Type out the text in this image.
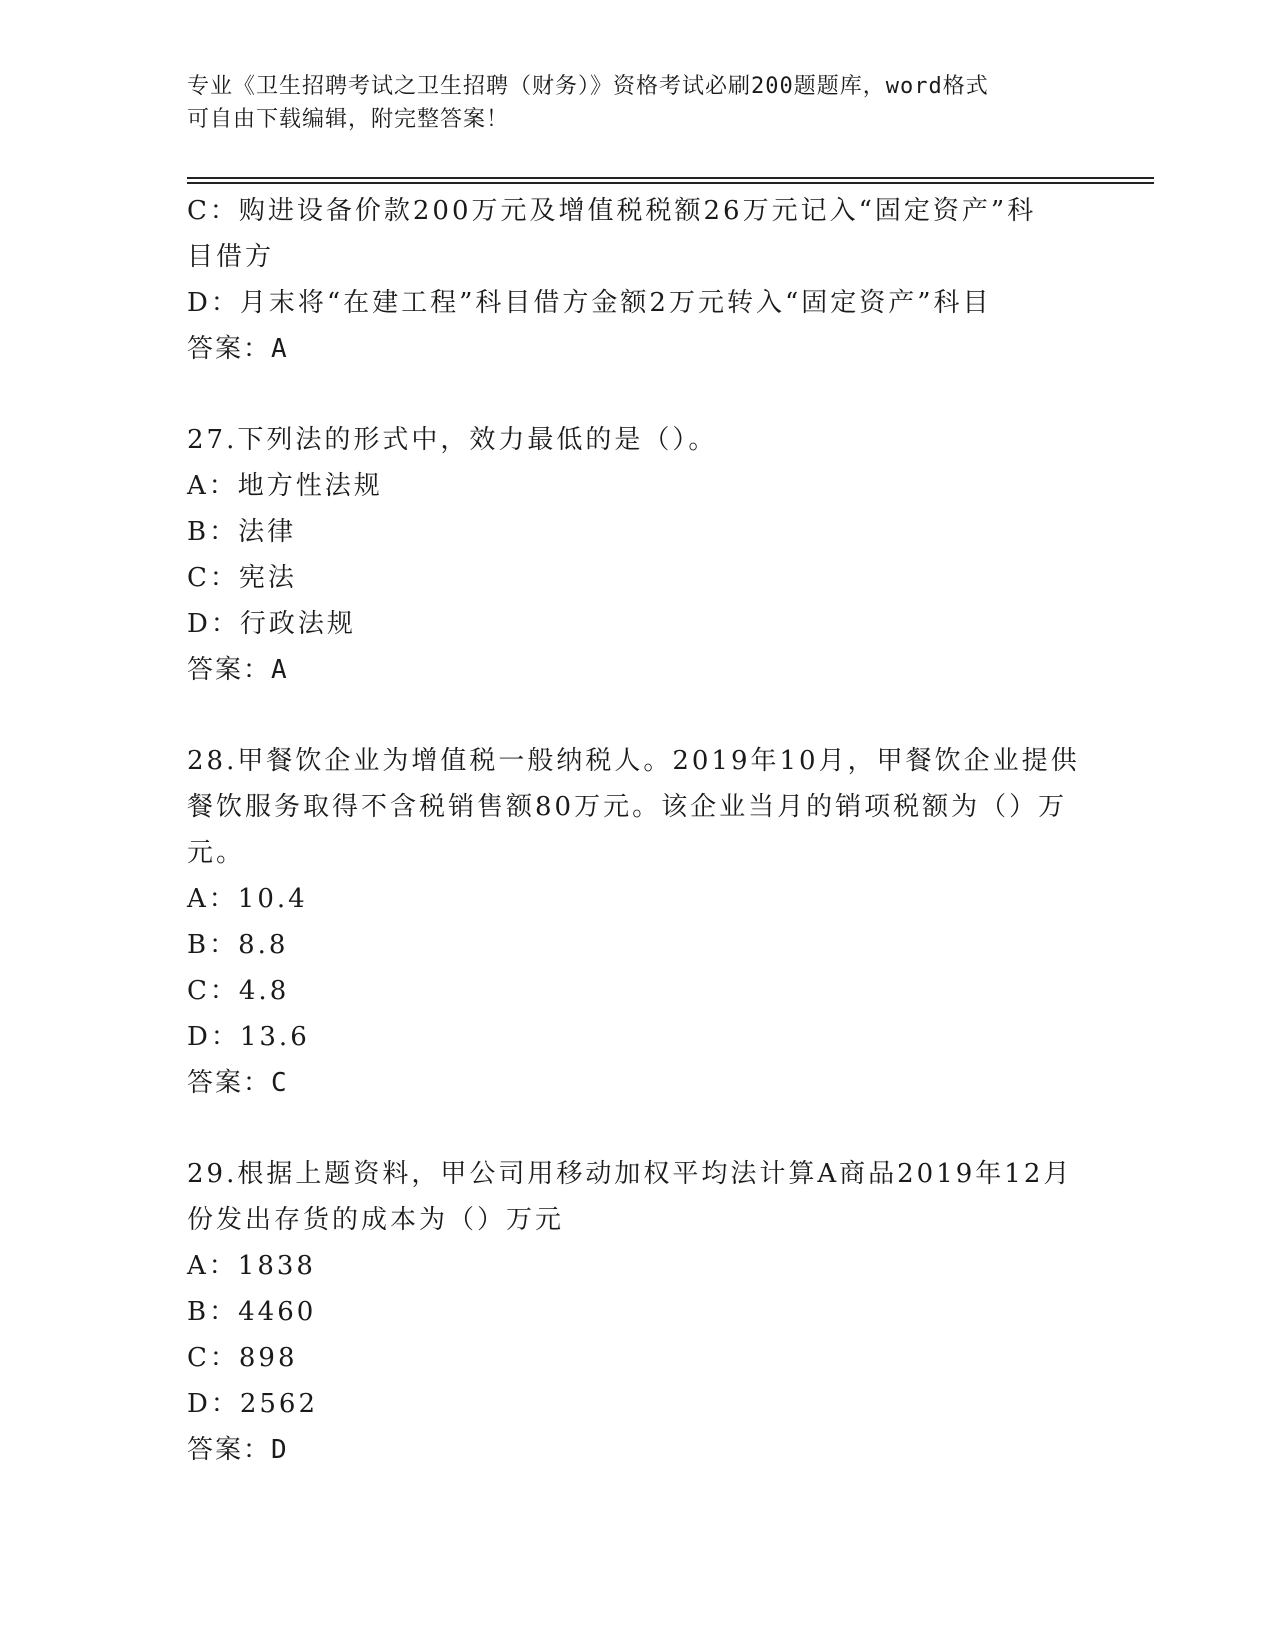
专业《卫生招聘考试之卫生招聘（财务）》资格考试必刷200题题库，word格式
可自由下载编辑，附完整答案！
C：购进设备价款200万元及增值税税额26万元记入“固定资产”科
目借方
D：月末将“在建工程”科目借方金额2万元转入“固定资产”科目
答案：A
27.下列法的形式中，效力最低的是（）。
A：地方性法规
B：法律
C：宪法
D：行政法规
答案：A
28.甲餐饮企业为增值税一般纳税人。2019年10月，甲餐饮企业提供
餐饮服务取得不含税销售额80万元。该企业当月的销项税额为（）万
元。
A：10.4
B：8.8
C：4.8
D：13.6
答案：C
29.根据上题资料，甲公司用移动加权平均法计算A商品2019年12月
份发出存货的成本为（）万元
A：1838
B：4460
C：898
D：2562
答案：D
